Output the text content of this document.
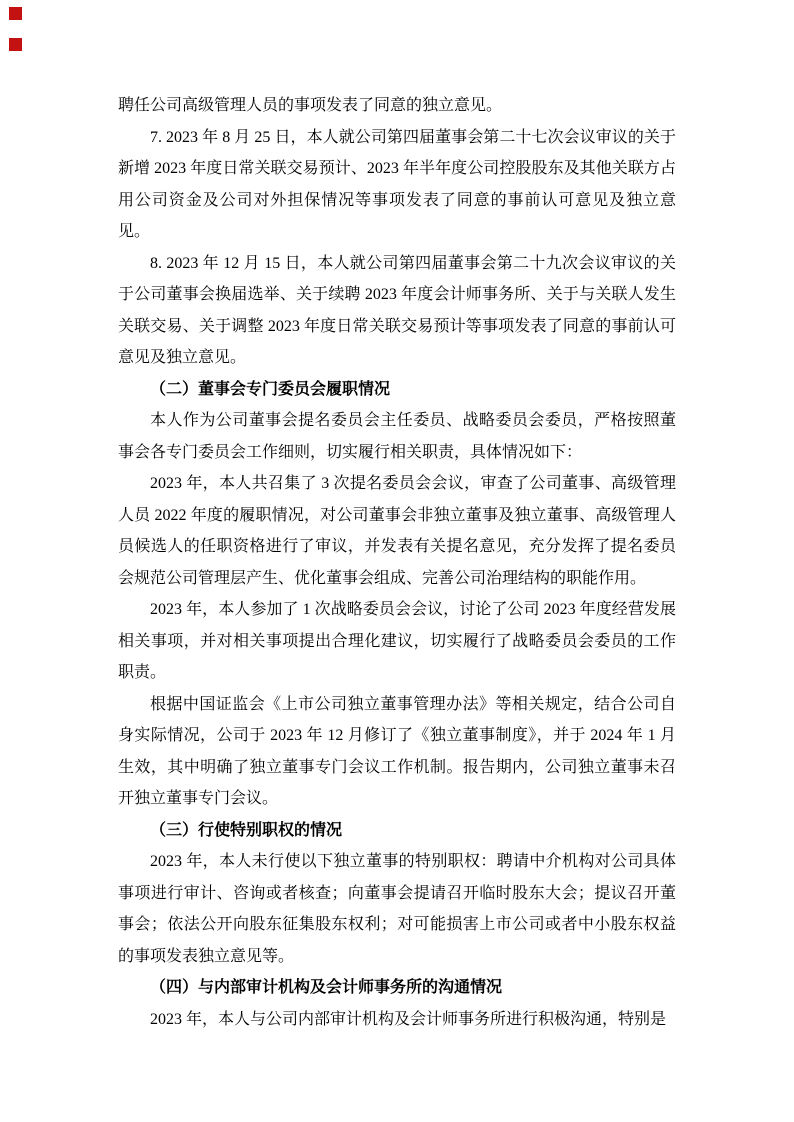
聘任公司高级管理人员的事项发表了同意的独立意见。

7. 2023 年 8 月 25 日，本人就公司第四届董事会第二十七次会议审议的关于新增 2023 年度日常关联交易预计、2023 年半年度公司控股股东及其他关联方占用公司资金及公司对外担保情况等事项发表了同意的事前认可意见及独立意见。

8. 2023 年 12 月 15 日，本人就公司第四届董事会第二十九次会议审议的关于公司董事会换届选举、关于续聘 2023 年度会计师事务所、关于与关联人发生关联交易、关于调整 2023 年度日常关联交易预计等事项发表了同意的事前认可意见及独立意见。

（二）董事会专门委员会履职情况

本人作为公司董事会提名委员会主任委员、战略委员会委员，严格按照董事会各专门委员会工作细则，切实履行相关职责，具体情况如下：

2023 年，本人共召集了 3 次提名委员会会议，审查了公司董事、高级管理人员 2022 年度的履职情况，对公司董事会非独立董事及独立董事、高级管理人员候选人的任职资格进行了审议，并发表有关提名意见，充分发挥了提名委员会规范公司管理层产生、优化董事会组成、完善公司治理结构的职能作用。

2023 年，本人参加了 1 次战略委员会会议，讨论了公司 2023 年度经营发展相关事项，并对相关事项提出合理化建议，切实履行了战略委员会委员的工作职责。

根据中国证监会《上市公司独立董事管理办法》等相关规定，结合公司自身实际情况，公司于 2023 年 12 月修订了《独立董事制度》，并于 2024 年 1 月生效，其中明确了独立董事专门会议工作机制。报告期内，公司独立董事未召开独立董事专门会议。

（三）行使特别职权的情况

2023 年，本人未行使以下独立董事的特别职权：聘请中介机构对公司具体事项进行审计、咨询或者核查；向董事会提请召开临时股东大会；提议召开董事会；依法公开向股东征集股东权利；对可能损害上市公司或者中小股东权益的事项发表独立意见等。

（四）与内部审计机构及会计师事务所的沟通情况

2023 年，本人与公司内部审计机构及会计师事务所进行积极沟通，特别是
